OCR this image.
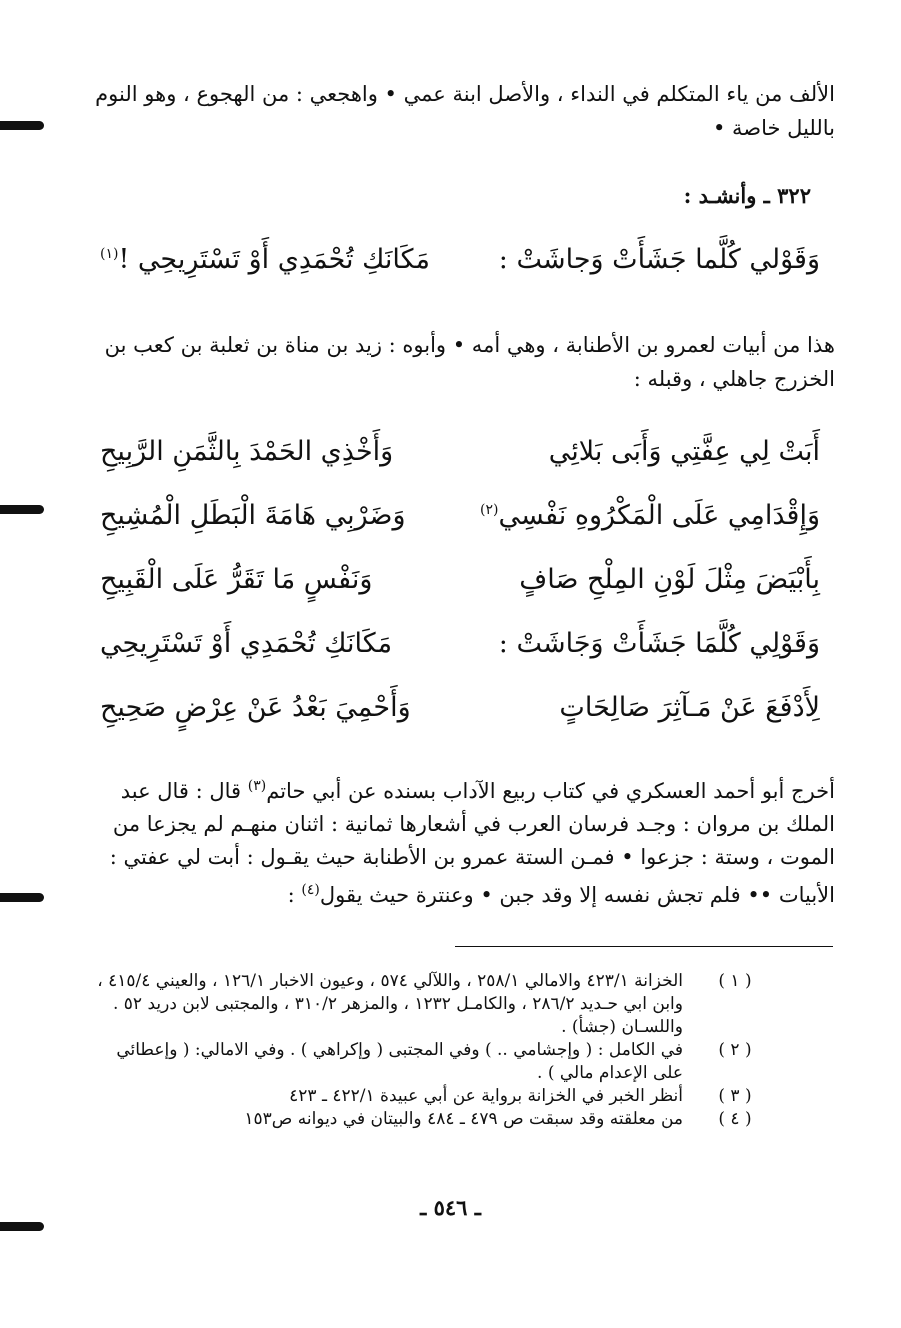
الألف من ياء المتكلم في النداء ، والأصل ابنة عمي • واهجعي : من الهجوع ، وهو النوم بالليل خاصة •

٣٢٢ ـ وأنشـد :
وَقَوْلي كُلَّما جَشَأَتْ وَجاشَتْ :
مَكَانَكِ تُحْمَدِي أَوْ تَسْتَرِيحِي !$^{(١)}$

هذا من أبيات لعمرو بن الأطنابة ، وهي أمه • وأبوه : زيد بن مناة بن ثعلبة بن كعب بن الخزرج جاهلي ، وقبله :

أَبَتْ لِي عِفَّتِي وَأَبَى بَلائِي
وَأَخْذِي الحَمْدَ بِالثَّمَنِ الرَّبِيحِ
وَإِقْدَامِي عَلَى الْمَكْرُوهِ نَفْسِي$^{(٢)}$
وَضَرْبِي هَامَةَ الْبَطَلِ الْمُشِيحِ
بِأَبْيَضَ مِثْلَ لَوْنِ المِلْحِ صَافٍ
وَنَفْسٍ مَا تَقَرُّ عَلَى الْقَبِيحِ
وَقَوْلِي كُلَّمَا جَشَأَتْ وَجَاشَتْ :
مَكَانَكِ تُحْمَدِي أَوْ تَسْتَرِيحِي
لِأَدْفَعَ عَنْ مَـآثِرَ صَالِحَاتٍ
وَأَحْمِيَ بَعْدُ عَنْ عِرْضٍ صَحِيحِ

أخرج أبو أحمد العسكري في كتاب ربيع الآداب بسنده عن أبي حاتم$^{(٣)}$ قال : قال عبد الملك بن مروان : وجـد فرسان العرب في أشعارها ثمانية : اثنان منهـم لم يجزعا من الموت ، وستة : جزعوا • فمـن الستة عمرو بن الأطنابة حيث يقـول : أبت لي عفتي : الأبيات •• فلم تجش نفسه إلا وقد جبن • وعنترة حيث يقول$^{(٤)}$ :

( ١ )
الخزانة ٤٢٣/١ والامالي ٢٥٨/١ ، واللآلي ٥٧٤ ، وعيون الاخبار ١٢٦/١ ، والعيني ٤١٥/٤ ، وابن ابي حـديد ٢٨٦/٢ ، والكامـل ١٢٣٢ ، والمزهر ٣١٠/٢ ، والمجتبى لابن دريد ٥٢ . واللسـان (جشأ) .
( ٢ )
في الكامل : ( وإجشامي .. ) وفي المجتبى ( وإكراهي ) . وفي الامالي: ( وإعطائي على الإعدام مالي ) .
( ٣ )
أنظر الخبر في الخزانة برواية عن أبي عبيدة ٤٢٢/١ ـ ٤٢٣
( ٤ )
من معلقته وقد سبقت ص ٤٧٩ ـ ٤٨٤ والبيتان في ديوانه ص١٥٣
ـ ٥٤٦ ـ
